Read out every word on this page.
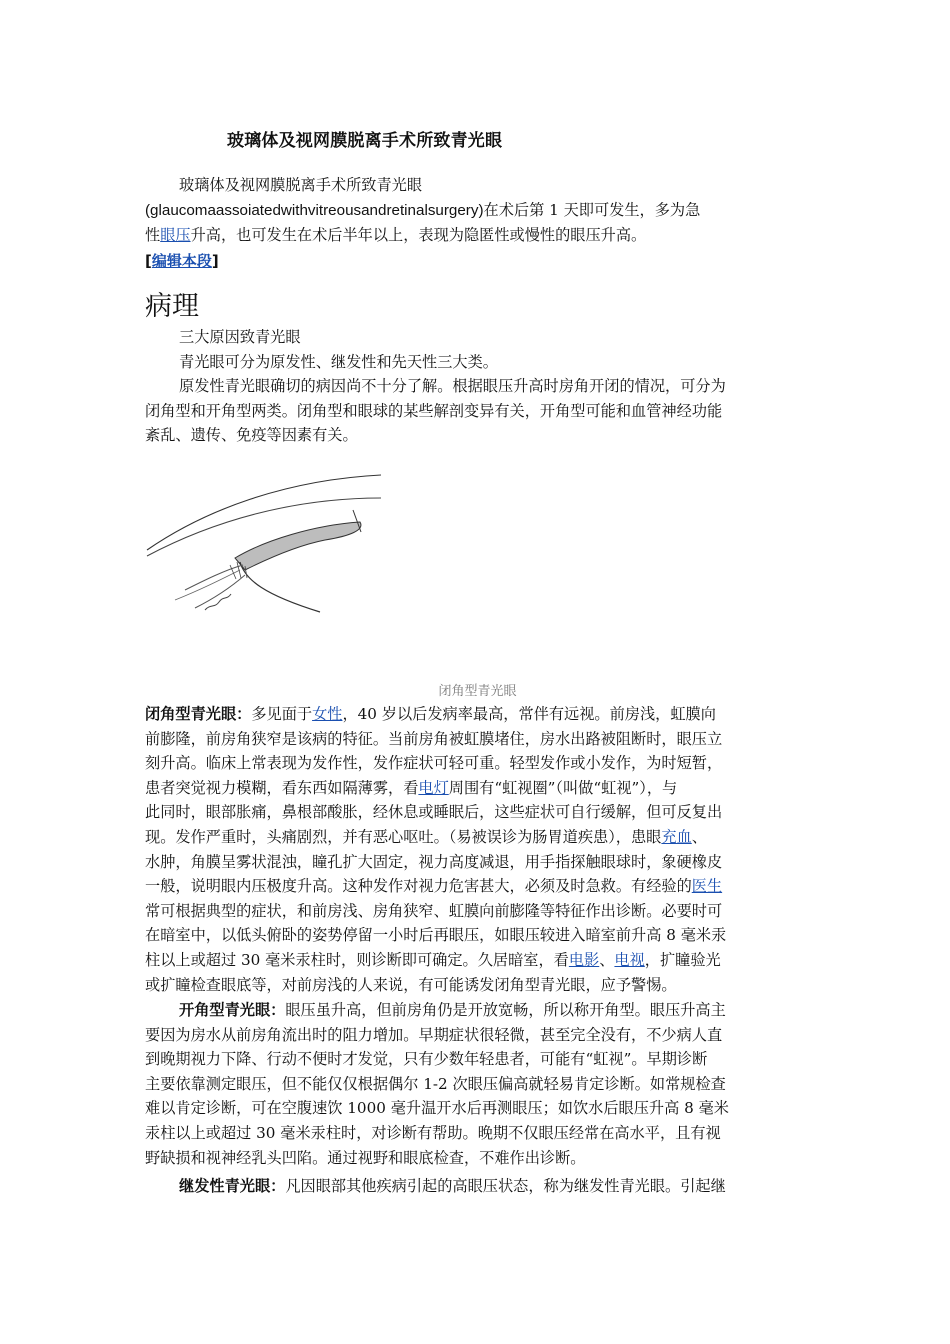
玻璃体及视网膜脱离手术所致青光眼
玻璃体及视网膜脱离手术所致青光眼
(glaucomaassoiatedwithvitreousandretinalsurgery)在术后第 1 天即可发生，多为急
性眼压升高，也可发生在术后半年以上，表现为隐匿性或慢性的眼压升高。
[编辑本段]
病理
三大原因致青光眼
青光眼可分为原发性、继发性和先天性三大类。
原发性青光眼确切的病因尚不十分了解。根据眼压升高时房角开闭的情况，可分为
闭角型和开角型两类。闭角型和眼球的某些解剖变异有关，开角型可能和血管神经功能
紊乱、遗传、免疫等因素有关。
闭角型青光眼
闭角型青光眼：多见面于女性，40 岁以后发病率最高，常伴有远视。前房浅，虹膜向
前膨隆，前房角狭窄是该病的特征。当前房角被虹膜堵住，房水出路被阻断时，眼压立
刻升高。临床上常表现为发作性，发作症状可轻可重。轻型发作或小发作，为时短暂，
患者突觉视力模糊，看东西如隔薄雾，看电灯周围有“虹视圈”（叫做“虹视”），与
此同时，眼部胀痛，鼻根部酸胀，经休息或睡眠后，这些症状可自行缓解，但可反复出
现。发作严重时，头痛剧烈，并有恶心呕吐。（易被误诊为肠胃道疾患），患眼充血、
水肿，角膜呈雾状混浊，瞳孔扩大固定，视力高度减退，用手指探触眼球时，象硬橡皮
一般，说明眼内压极度升高。这种发作对视力危害甚大，必须及时急救。有经验的医生
常可根据典型的症状，和前房浅、房角狭窄、虹膜向前膨隆等特征作出诊断。必要时可
在暗室中，以低头俯卧的姿势停留一小时后再眼压，如眼压较进入暗室前升高 8 毫米汞
柱以上或超过 30 毫米汞柱时，则诊断即可确定。久居暗室，看电影、电视，扩瞳验光
或扩瞳检查眼底等，对前房浅的人来说，有可能诱发闭角型青光眼，应予警惕。
开角型青光眼：眼压虽升高，但前房角仍是开放宽畅，所以称开角型。眼压升高主
要因为房水从前房角流出时的阻力增加。早期症状很轻微，甚至完全没有，不少病人直
到晚期视力下降、行动不便时才发觉，只有少数年轻患者，可能有“虹视”。早期诊断
主要依靠测定眼压，但不能仅仅根据偶尔 1-2 次眼压偏高就轻易肯定诊断。如常规检查
难以肯定诊断，可在空腹速饮 1000 毫升温开水后再测眼压；如饮水后眼压升高 8 毫米
汞柱以上或超过 30 毫米汞柱时，对诊断有帮助。晚期不仅眼压经常在高水平，且有视
野缺损和视神经乳头凹陷。通过视野和眼底检查，不难作出诊断。
继发性青光眼：凡因眼部其他疾病引起的高眼压状态，称为继发性青光眼。引起继
